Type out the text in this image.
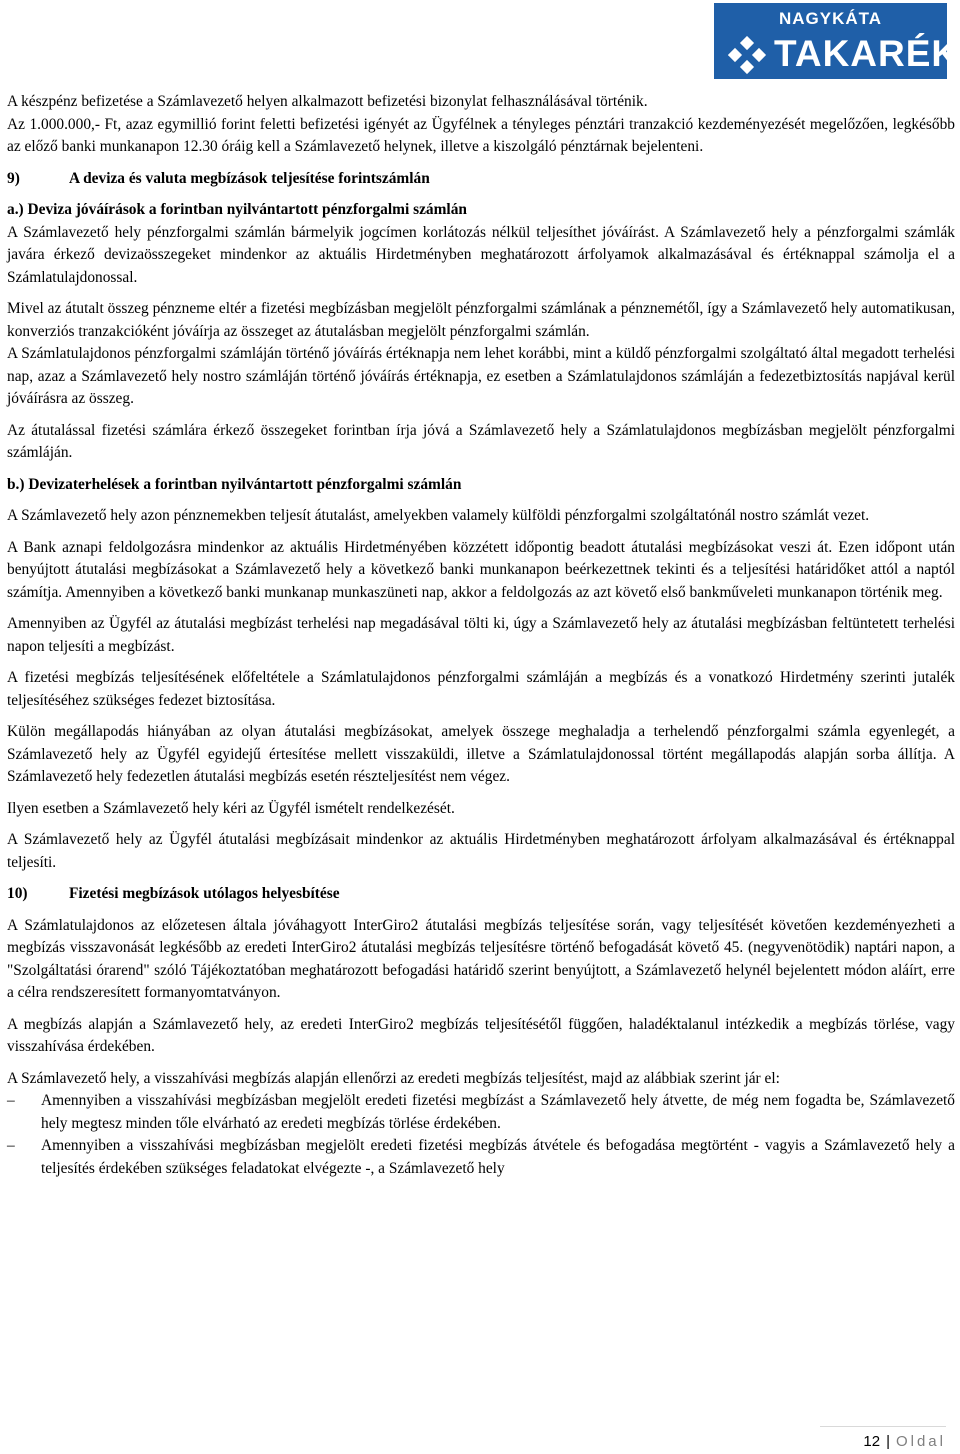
NAGYKÁTA
TAKARÉK

A készpénz befizetése a Számlavezető helyen alkalmazott befizetési bizonylat felhasználásával történik.

Az 1.000.000,- Ft, azaz egymillió forint feletti befizetési igényét az Ügyfélnek a tényleges pénztári tranzakció kezdeményezését megelőzően, legkésőbb az előző banki munkanapon 12.30 óráig kell a Számlavezető helynek, illetve a kiszolgáló pénztárnak bejelenteni.

9)	A deviza és valuta megbízások teljesítése forintszámlán
a.) Deviza jóváírások a forintban nyilvántartott pénzforgalmi számlán

A Számlavezető hely pénzforgalmi számlán bármelyik jogcímen korlátozás nélkül teljesíthet jóváírást. A Számlavezető hely a pénzforgalmi számlák javára érkező devizaösszegeket mindenkor az aktuális Hirdetményben meghatározott árfolyamok alkalmazásával és értéknappal számolja el a Számlatulajdonossal.

Mivel az átutalt összeg pénzneme eltér a fizetési megbízásban megjelölt pénzforgalmi számlának a pénznemétől, így a Számlavezető hely automatikusan, konverziós tranzakcióként jóváírja az összeget az átutalásban megjelölt pénzforgalmi számlán.

A Számlatulajdonos pénzforgalmi számláján történő jóváírás értéknapja nem lehet korábbi, mint a küldő pénzforgalmi szolgáltató által megadott terhelési nap, azaz a Számlavezető hely nostro számláján történő jóváírás értéknapja, ez esetben a Számlatulajdonos számláján a fedezetbiztosítás napjával kerül jóváírásra az összeg.

Az átutalással fizetési számlára érkező összegeket forintban írja jóvá a Számlavezető hely a Számlatulajdonos megbízásban megjelölt pénzforgalmi számláján.

b.) Devizaterhelések a forintban nyilvántartott pénzforgalmi számlán

A Számlavezető hely azon pénznemekben teljesít átutalást, amelyekben valamely külföldi pénzforgalmi szolgáltatónál nostro számlát vezet.

A Bank aznapi feldolgozásra mindenkor az aktuális Hirdetményében közzétett időpontig beadott átutalási megbízásokat veszi át. Ezen időpont után benyújtott átutalási megbízásokat a Számlavezető hely a következő banki munkanapon beérkezettnek tekinti és a teljesítési határidőket attól a naptól számítja. Amennyiben a következő banki munkanap munkaszüneti nap, akkor a feldolgozás az azt követő első bankműveleti munkanapon történik meg.

Amennyiben az Ügyfél az átutalási megbízást terhelési nap megadásával tölti ki, úgy a Számlavezető hely az átutalási megbízásban feltüntetett terhelési napon teljesíti a megbízást.

A fizetési megbízás teljesítésének előfeltétele a Számlatulajdonos pénzforgalmi számláján a megbízás és a vonatkozó Hirdetmény szerinti jutalék teljesítéséhez szükséges fedezet biztosítása.

Külön megállapodás hiányában az olyan átutalási megbízásokat, amelyek összege meghaladja a terhelendő pénzforgalmi számla egyenlegét, a Számlavezető hely az Ügyfél egyidejű értesítése mellett visszaküldi, illetve a Számlatulajdonossal történt megállapodás alapján sorba állítja. A Számlavezető hely fedezetlen átutalási megbízás esetén részteljesítést nem végez.

Ilyen esetben a Számlavezető hely kéri az Ügyfél ismételt rendelkezését.

A Számlavezető hely az Ügyfél átutalási megbízásait mindenkor az aktuális Hirdetményben meghatározott árfolyam alkalmazásával és értéknappal teljesíti.

10)	Fizetési megbízások utólagos helyesbítése

A Számlatulajdonos az előzetesen általa jóváhagyott InterGiro2 átutalási megbízás teljesítése során, vagy teljesítését követően kezdeményezheti a megbízás visszavonását legkésőbb az eredeti InterGiro2 átutalási megbízás teljesítésre történő befogadását követő 45. (negyvenötödik) naptári napon, a "Szolgáltatási órarend" szóló Tájékoztatóban meghatározott befogadási határidő szerint benyújtott, a Számlavezető helynél bejelentett módon aláírt, erre a célra rendszeresített formanyomtatványon.

A megbízás alapján a Számlavezető hely, az eredeti InterGiro2 megbízás teljesítésétől függően, haladéktalanul intézkedik a megbízás törlése, vagy visszahívása érdekében.

A Számlavezető hely, a visszahívási megbízás alapján ellenőrzi az eredeti megbízás teljesítést, majd az alábbiak szerint jár el:

–	Amennyiben a visszahívási megbízásban megjelölt eredeti fizetési megbízást a Számlavezető hely átvette, de még nem fogadta be, Számlavezető hely megtesz minden tőle elvárható az eredeti megbízás törlése érdekében.
–	Amennyiben a visszahívási megbízásban megjelölt eredeti fizetési megbízás átvétele és befogadása megtörtént - vagyis a Számlavezető hely a teljesítés érdekében szükséges feladatokat elvégezte -, a Számlavezető hely
12 | Oldal
